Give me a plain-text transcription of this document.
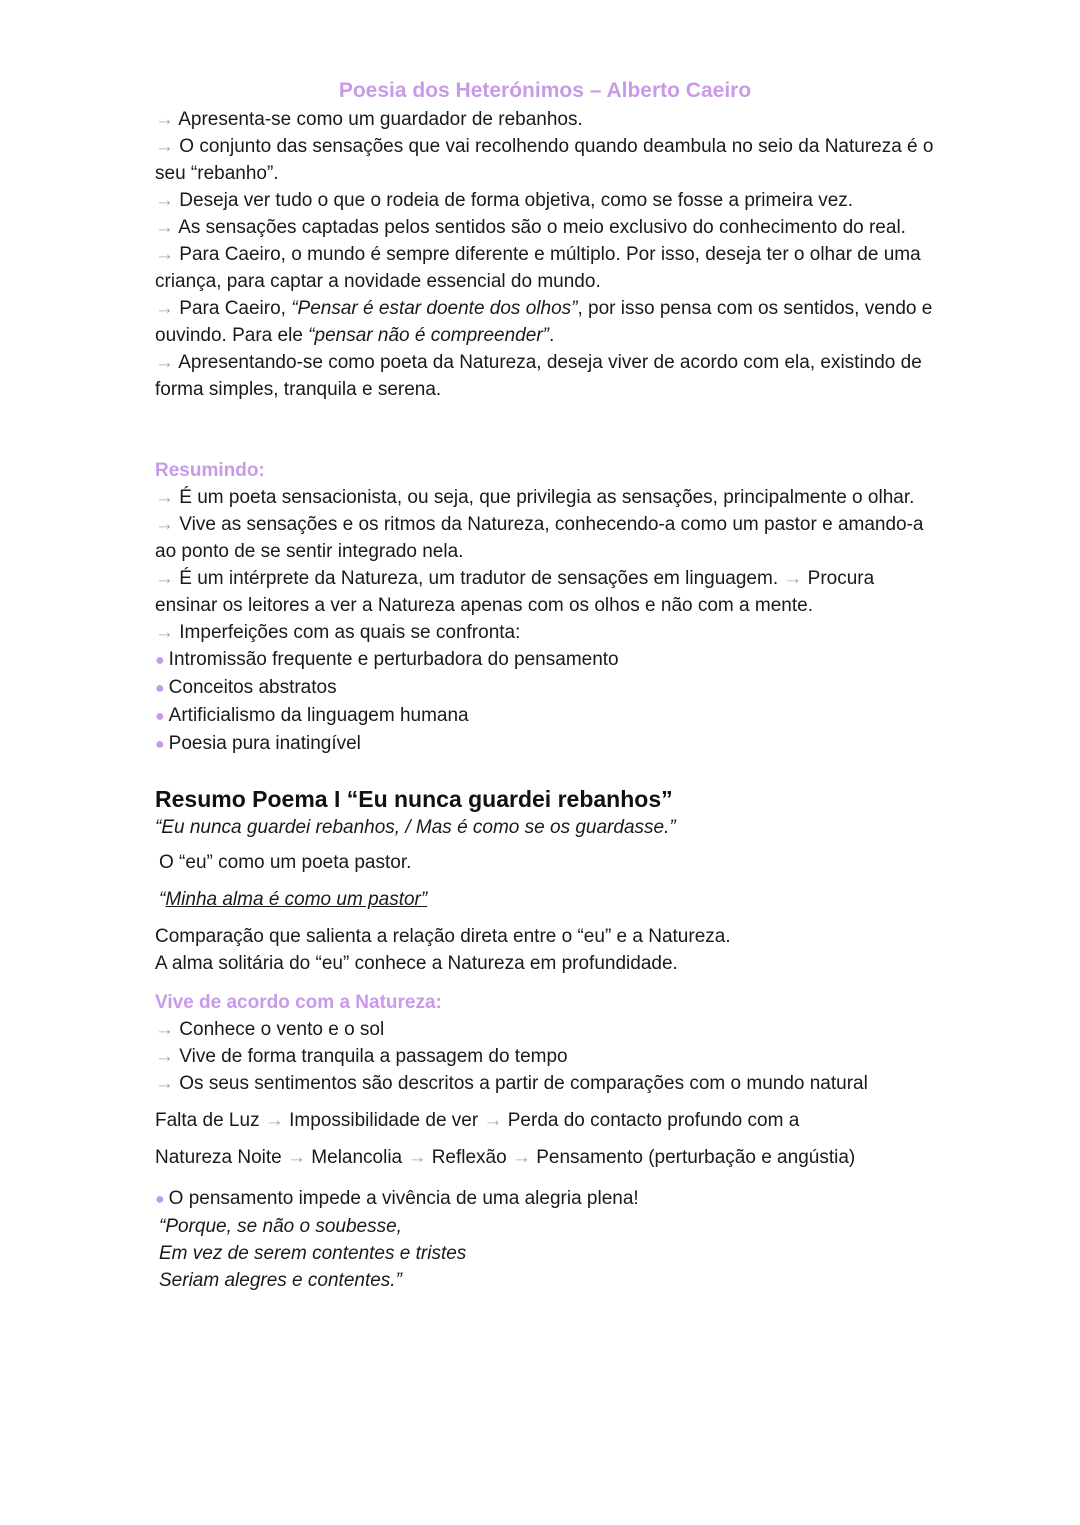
Poesia dos Heterónimos – Alberto Caeiro

→ Apresenta-se como um guardador de rebanhos.

→ O conjunto das sensações que vai recolhendo quando deambula no seio da Natureza é o seu “rebanho”.

→ Deseja ver tudo o que o rodeia de forma objetiva, como se fosse a primeira vez.

→ As sensações captadas pelos sentidos são o meio exclusivo do conhecimento do real.

→ Para Caeiro, o mundo é sempre diferente e múltiplo. Por isso, deseja ter o olhar de uma criança, para captar a novidade essencial do mundo.

→ Para Caeiro, “Pensar é estar doente dos olhos”, por isso pensa com os sentidos, vendo e ouvindo. Para ele “pensar não é compreender”.

→ Apresentando-se como poeta da Natureza, deseja viver de acordo com ela, existindo de forma simples, tranquila e serena.

Resumindo:

→ É um poeta sensacionista, ou seja, que privilegia as sensações, principalmente o olhar.

→ Vive as sensações e os ritmos da Natureza, conhecendo-a como um pastor e amando-a ao ponto de se sentir integrado nela.

→ É um intérprete da Natureza, um tradutor de sensações em linguagem. → Procura ensinar os leitores a ver a Natureza apenas com os olhos e não com a mente.

→ Imperfeições com as quais se confronta:

● Intromissão frequente e perturbadora do pensamento

● Conceitos abstratos

● Artificialismo da linguagem humana

● Poesia pura inatingível

Resumo Poema I “Eu nunca guardei rebanhos”

“Eu nunca guardei rebanhos, / Mas é como se os guardasse.”

O “eu” como um poeta pastor.

“Minha alma é como um pastor”

Comparação que salienta a relação direta entre o “eu” e a Natureza.

A alma solitária do “eu” conhece a Natureza em profundidade.

Vive de acordo com a Natureza:

→ Conhece o vento e o sol

→ Vive de forma tranquila a passagem do tempo

→ Os seus sentimentos são descritos a partir de comparações com o mundo natural

Falta de Luz → Impossibilidade de ver → Perda do contacto profundo com a

Natureza Noite → Melancolia → Reflexão → Pensamento (perturbação e angústia)

● O pensamento impede a vivência de uma alegria plena!

“Porque, se não o soubesse,

Em vez de serem contentes e tristes

Seriam alegres e contentes.”
